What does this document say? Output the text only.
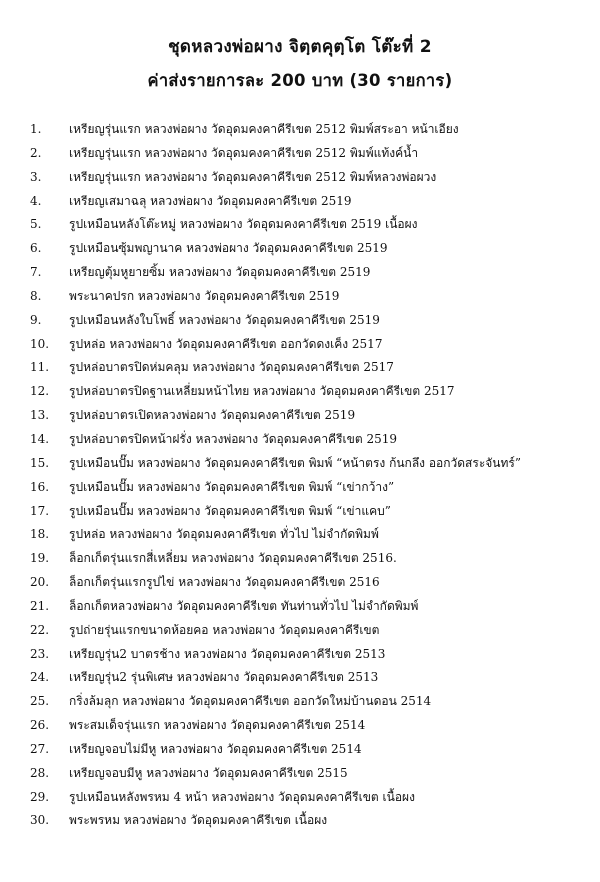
ชุดหลวงพ่อผาง จิตฺตคุตฺโต โต๊ะที่ 2
ค่าส่งรายการละ 200 บาท (30 รายการ)
1. เหรียญรุ่นแรก หลวงพ่อผาง วัดอุดมคงคาคีรีเขต 2512 พิมพ์สระอา หน้าเอียง
2. เหรียญรุ่นแรก หลวงพ่อผาง วัดอุดมคงคาคีรีเขต 2512 พิมพ์แท้งค์น้ำ
3. เหรียญรุ่นแรก หลวงพ่อผาง วัดอุดมคงคาคีรีเขต 2512 พิมพ์หลวงพ่อผวง
4. เหรียญเสมาฉลุ หลวงพ่อผาง วัดอุดมคงคาคีรีเขต 2519
5. รูปเหมือนหลังโต๊ะหมู่ หลวงพ่อผาง วัดอุดมคงคาคีรีเขต 2519 เนื้อผง
6. รูปเหมือนซุ้มพญานาค หลวงพ่อผาง วัดอุดมคงคาคีรีเขต 2519
7. เหรียญตุ้มหูยายซิ้ม หลวงพ่อผาง วัดอุดมคงคาคีรีเขต 2519
8. พระนาคปรก หลวงพ่อผาง วัดอุดมคงคาคีรีเขต 2519
9. รูปเหมือนหลังใบโพธิ์ หลวงพ่อผาง วัดอุดมคงคาคีรีเขต 2519
10. รูปหล่อ หลวงพ่อผาง วัดอุดมคงคาคีรีเขต ออกวัดดงเค็ง 2517
11. รูปหล่อบาตรปิดห่มคลุม หลวงพ่อผาง วัดอุดมคงคาคีรีเขต 2517
12. รูปหล่อบาตรปิดฐานเหลี่ยมหน้าไทย หลวงพ่อผาง วัดอุดมคงคาคีรีเขต 2517
13. รูปหล่อบาตรเปิดหลวงพ่อผาง วัดอุดมคงคาคีรีเขต 2519
14. รูปหล่อบาตรปิดหน้าฝรั่ง หลวงพ่อผาง วัดอุดมคงคาคีรีเขต 2519
15. รูปเหมือนปั๊ม หลวงพ่อผาง วัดอุดมคงคาคีรีเขต พิมพ์ “หน้าตรง ก้นกลึง ออกวัดสระจันทร์”
16. รูปเหมือนปั๊ม หลวงพ่อผาง วัดอุดมคงคาคีรีเขต พิมพ์ “เข่ากว้าง”
17. รูปเหมือนปั๊ม หลวงพ่อผาง วัดอุดมคงคาคีรีเขต พิมพ์ “เข่าแคบ”
18. รูปหล่อ หลวงพ่อผาง วัดอุดมคงคาคีรีเขต ทั่วไป ไม่จำกัดพิมพ์
19. ล็อกเก็ตรุ่นแรกสี่เหลี่ยม หลวงพ่อผาง วัดอุดมคงคาคีรีเขต 2516.
20. ล็อกเก็ตรุ่นแรกรูปไข่ หลวงพ่อผาง วัดอุดมคงคาคีรีเขต 2516
21. ล็อกเก็ตหลวงพ่อผาง วัดอุดมคงคาคีรีเขต ทันท่านทั่วไป ไม่จำกัดพิมพ์
22. รูปถ่ายรุ่นแรกขนาดห้อยคอ หลวงพ่อผาง วัดอุดมคงคาคีรีเขต
23. เหรียญรุ่น2 บาตรช้าง หลวงพ่อผาง วัดอุดมคงคาคีรีเขต 2513
24. เหรียญรุ่น2 รุ่นพิเศษ หลวงพ่อผาง วัดอุดมคงคาคีรีเขต 2513
25. กริ่งล้มลุก หลวงพ่อผาง วัดอุดมคงคาคีรีเขต ออกวัดใหม่บ้านดอน 2514
26. พระสมเด็จรุ่นแรก หลวงพ่อผาง วัดอุดมคงคาคีรีเขต 2514
27. เหรียญจอบไม่มีหู หลวงพ่อผาง วัดอุดมคงคาคีรีเขต 2514
28. เหรียญจอบมีหู หลวงพ่อผาง วัดอุดมคงคาคีรีเขต 2515
29. รูปเหมือนหลังพรหม 4 หน้า หลวงพ่อผาง วัดอุดมคงคาคีรีเขต เนื้อผง
30. พระพรหม หลวงพ่อผาง วัดอุดมคงคาคีรีเขต เนื้อผง
